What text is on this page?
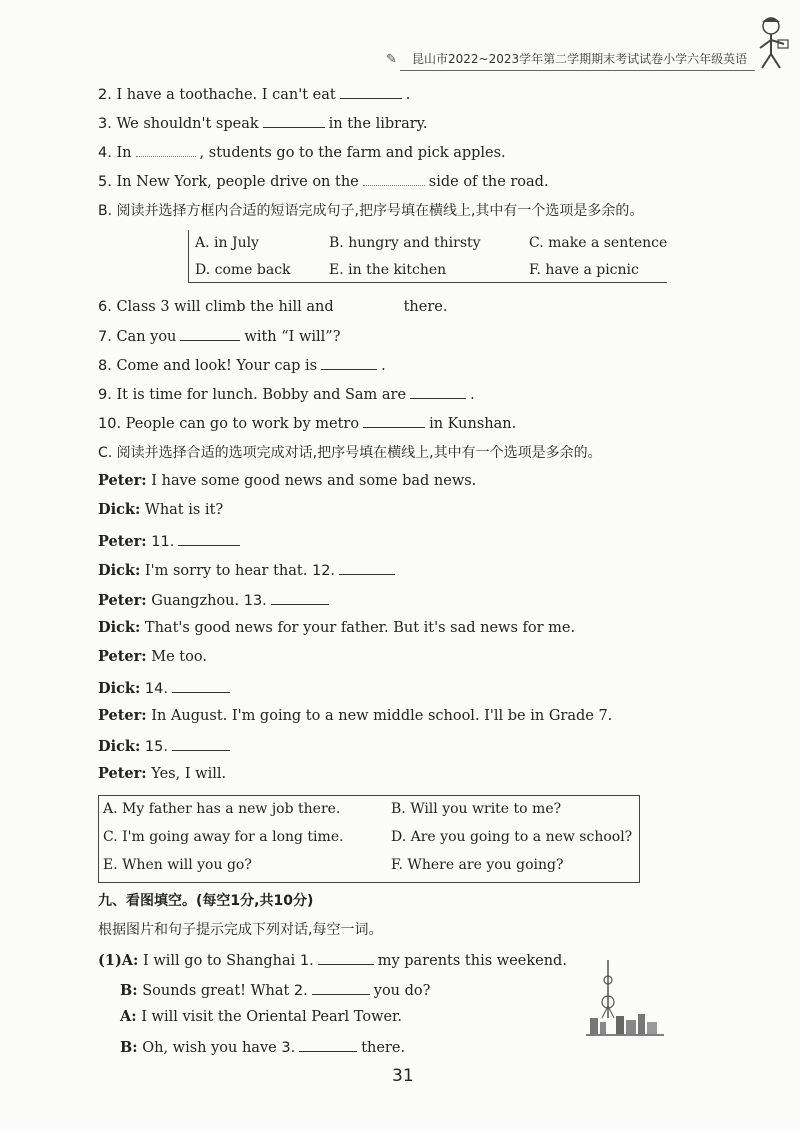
✎ 昆山市2022~2023学年第二学期期末考试试卷小学六年级英语
2. I have a toothache. I can't eat	.
3. We shouldn't speak	in the library.
4. In	, students go to the farm and pick apples.
5. In New York, people drive on the	side of the road.
B. 阅读并选择方框内合适的短语完成句子,把序号填在横线上,其中有一个选项是多余的。
A. in July	B. hungry and thirsty	C. make a sentence
D. come back	E. in the kitchen	F. have a picnic
6. Class 3 will climb the hill and	there.
7. Can you	with “I will”?
8. Come and look! Your cap is	.
9. It is time for lunch. Bobby and Sam are	.
10. People can go to work by metro	in Kunshan.
C. 阅读并选择合适的选项完成对话,把序号填在横线上,其中有一个选项是多余的。
Peter: I have some good news and some bad news.
Dick: What is it?
Peter: 11.
Dick: I'm sorry to hear that. 12.
Peter: Guangzhou. 13.
Dick: That's good news for your father. But it's sad news for me.
Peter: Me too.
Dick: 14.
Peter: In August. I'm going to a new middle school. I'll be in Grade 7.
Dick: 15.
Peter: Yes, I will.
A. My father has a new job there.	B. Will you write to me?
C. I'm going away for a long time.	D. Are you going to a new school?
E. When will you go?	F. Where are you going?
九、看图填空。(每空1分,共10分)
根据图片和句子提示完成下列对话,每空一词。
(1)A: I will go to Shanghai 1.	my parents this weekend.
B: Sounds great! What 2.	you do?
A: I will visit the Oriental Pearl Tower.
B: Oh, wish you have 3.	there.
31
